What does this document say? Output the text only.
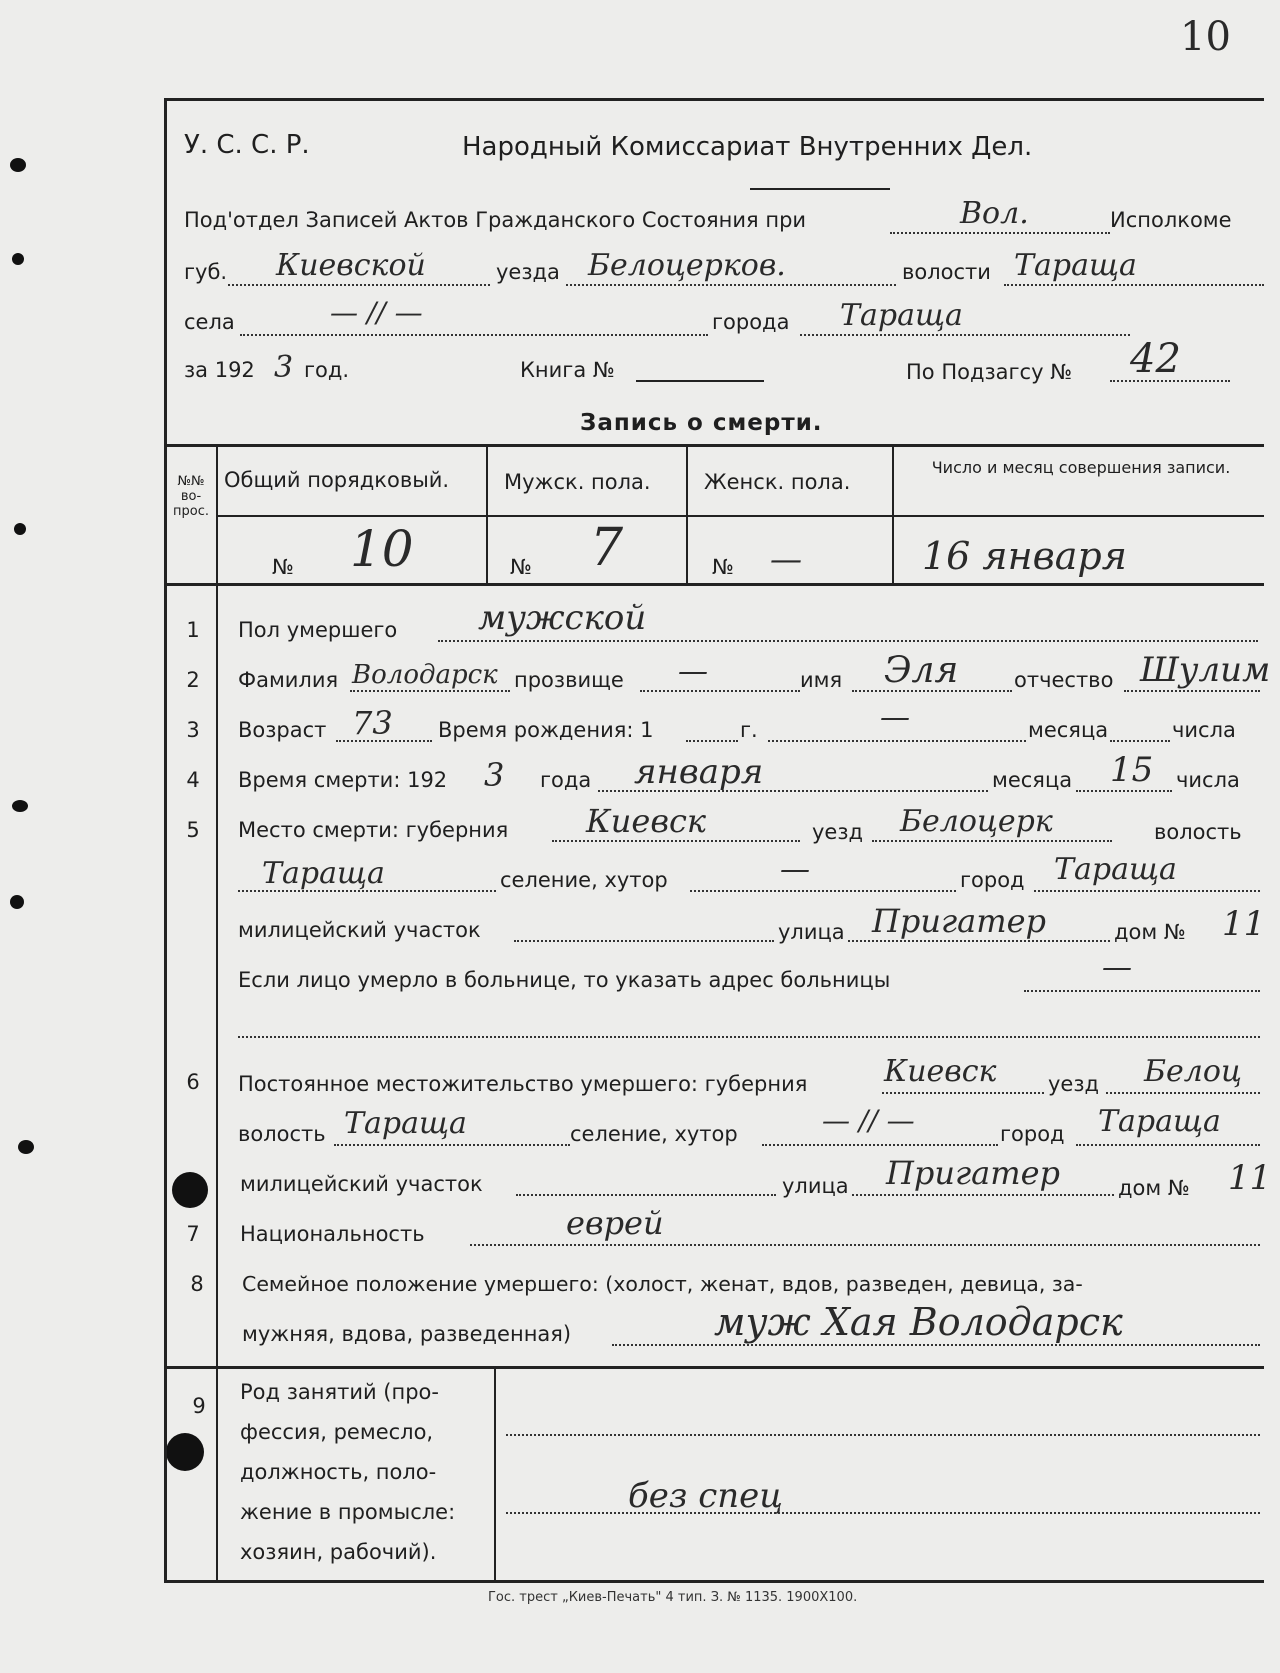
10
У. С. С. Р.	Народный Комиссариат Внутренних Дел.
Под'отдел Записей Актов Гражданского Состояния при	Вол.	Исполкоме
губ. Киевской	уезда Белоцерков.	волости Тараща
села	— // —	города Тараща
за 192 3 год.	Книга №	По Подзагсу № 42
Запись о смерти.
№№ во- прос.
Общий порядковый.	Мужск. пола.	Женск. пола.
Число и месяц совершения записи.
№ 10	№ 7	№ —	16 января
1	Пол умершего мужской
2	Фамилия Володарск прозвище —	имя Эля	отчество Шулим
3	Возраст 73 Время рождения: 1	г.	—	месяца	числа
4	Время смерти: 192 3 года января	месяца 15 числа
5	Место смерти: губерния Киевск	уезд Белоцерк	волость
Тараща	селение, хутор	—	город Тараща
милицейский участок	улица Пригатер	дом № 11
Если лицо умерло в больнице, то указать адрес больницы	—
6	Постоянное местожительство умершего: губерния	Киевск уезд Белоц
волость Тараща	селение, хутор	— // —	город Тараща
милицейский участок	улица Пригатер	дом № 11
7	Национальность	еврей
8	Семейное положение умершего: (холост, женат, вдов, разведен, девица, за-
мужняя, вдова, разведенная)	муж Хая Володарск
9
Род занятий (про-
фессия, ремесло,
должность, поло-
жение в промысле:
хозяин, рабочий).
без спец
Гос. трест „Киев-Печать" 4 тип. З. № 1135. 1900Х100.
